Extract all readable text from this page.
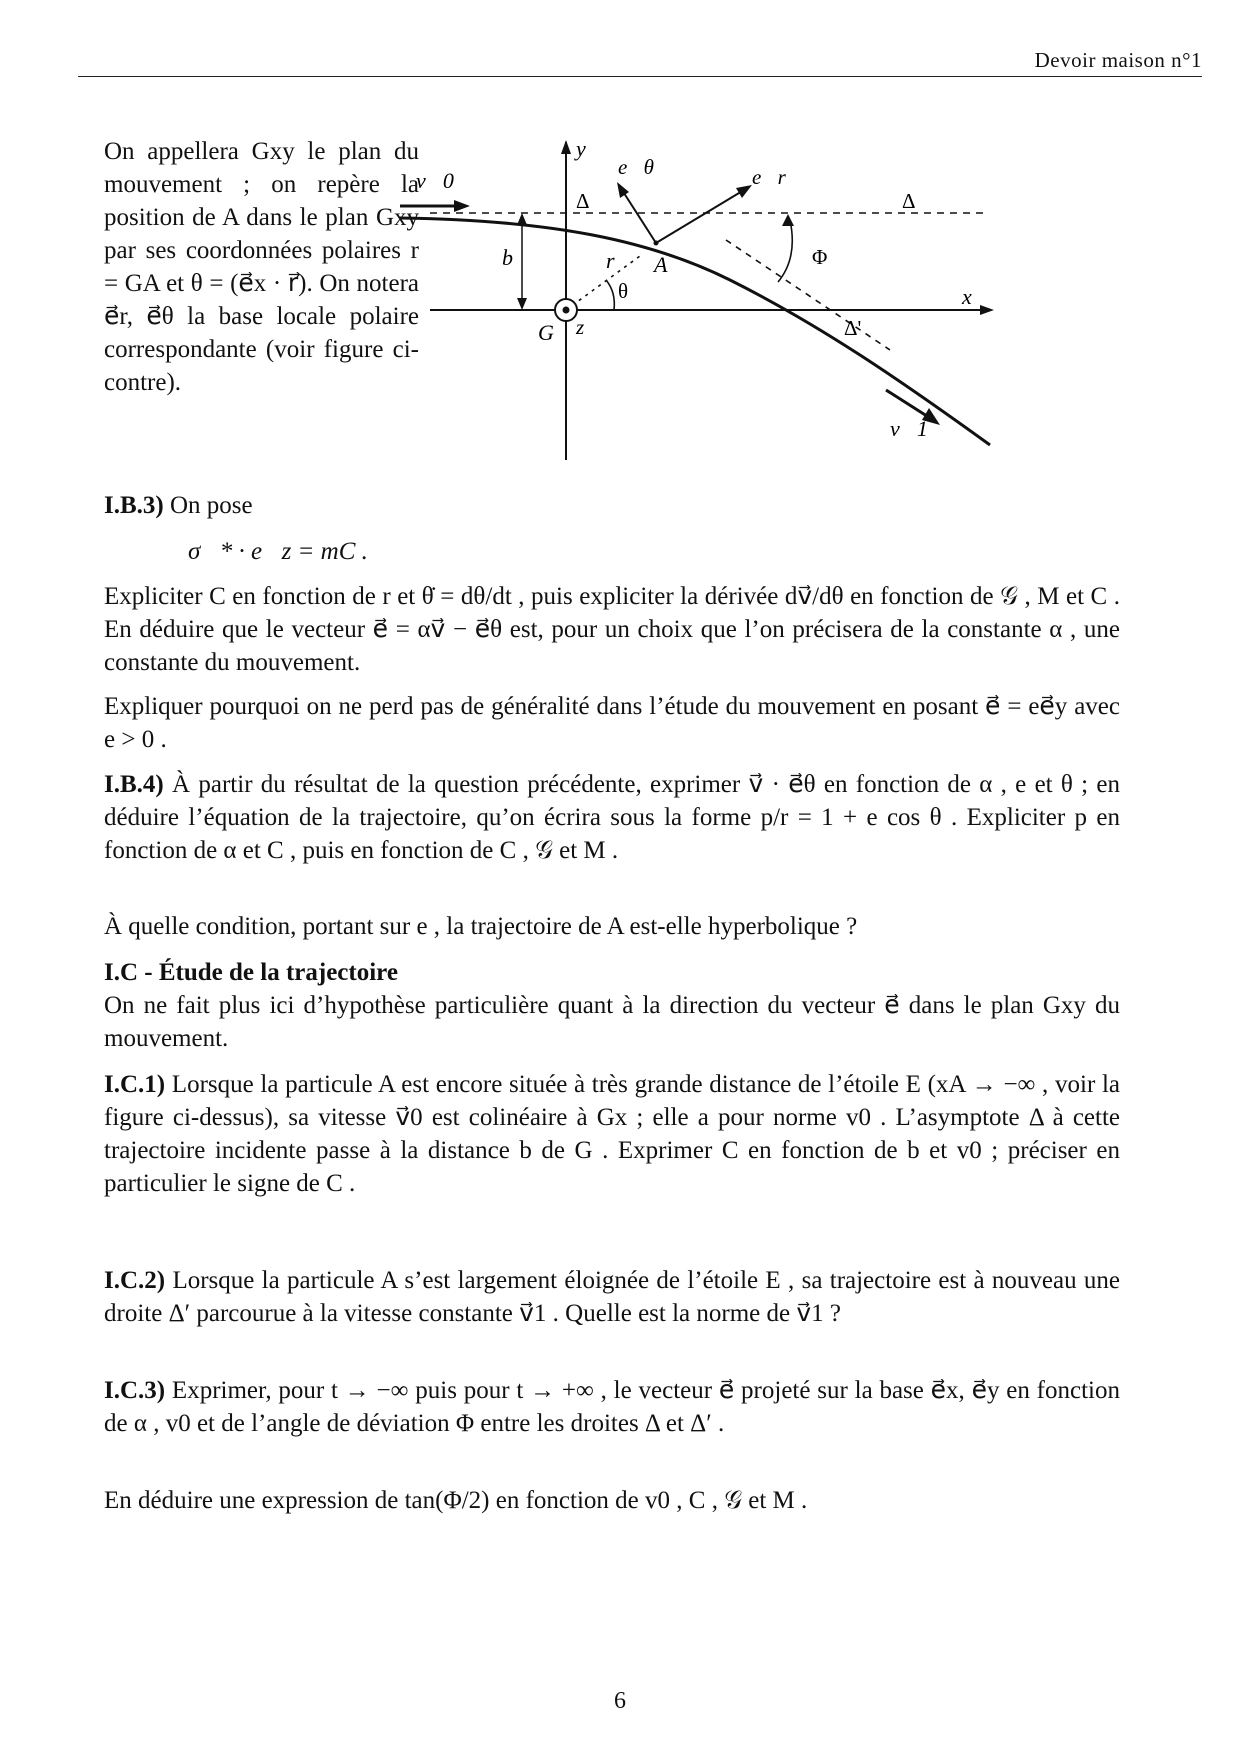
Devoir maison n°1

On appellera Gxy le plan du mouvement ; on repère la position de A dans le plan Gxy par ses coordonnées polaires r = GA et θ = (e⃗x · r⃗). On notera e⃗r, e⃗θ la base locale polaire correspondante (voir figure ci-contre).

y
x
Δ	Δ
v⃗0
Δ'
Φ
A
e⃗θ	e⃗r
r
θ
b
G z
v⃗1

I.B.3) On pose

σ⃗* · e⃗z = mC .

Expliciter C en fonction de r et θ̇ = dθ/dt , puis expliciter la dérivée dv⃗/dθ en fonction de 𝒢 , M et C . En déduire que le vecteur e⃗ = αv⃗ − e⃗θ est, pour un choix que l’on précisera de la constante α , une constante du mouvement.

Expliquer pourquoi on ne perd pas de généralité dans l’étude du mouvement en posant e⃗ = ee⃗y avec e > 0 .

I.B.4) À partir du résultat de la question précédente, exprimer v⃗ · e⃗θ en fonction de α , e et θ ; en déduire l’équation de la trajectoire, qu’on écrira sous la forme p/r = 1 + e cos θ . Expliciter p en fonction de α et C , puis en fonction de C , 𝒢 et M .

À quelle condition, portant sur e , la trajectoire de A est-elle hyperbolique ?

I.C - Étude de la trajectoire

On ne fait plus ici d’hypothèse particulière quant à la direction du vecteur e⃗ dans le plan Gxy du mouvement.

I.C.1) Lorsque la particule A est encore située à très grande distance de l’étoile E (xA → −∞ , voir la figure ci-dessus), sa vitesse v⃗0 est colinéaire à Gx ; elle a pour norme v0 . L’asymptote Δ à cette trajectoire incidente passe à la distance b de G . Exprimer C en fonction de b et v0 ; préciser en particulier le signe de C .

I.C.2) Lorsque la particule A s’est largement éloignée de l’étoile E , sa trajectoire est à nouveau une droite Δ′ parcourue à la vitesse constante v⃗1 . Quelle est la norme de v⃗1 ?

I.C.3) Exprimer, pour t → −∞ puis pour t → +∞ , le vecteur e⃗ projeté sur la base e⃗x, e⃗y en fonction de α , v0 et de l’angle de déviation Φ entre les droites Δ et Δ′ .

En déduire une expression de tan(Φ/2) en fonction de v0 , C , 𝒢 et M .

6
